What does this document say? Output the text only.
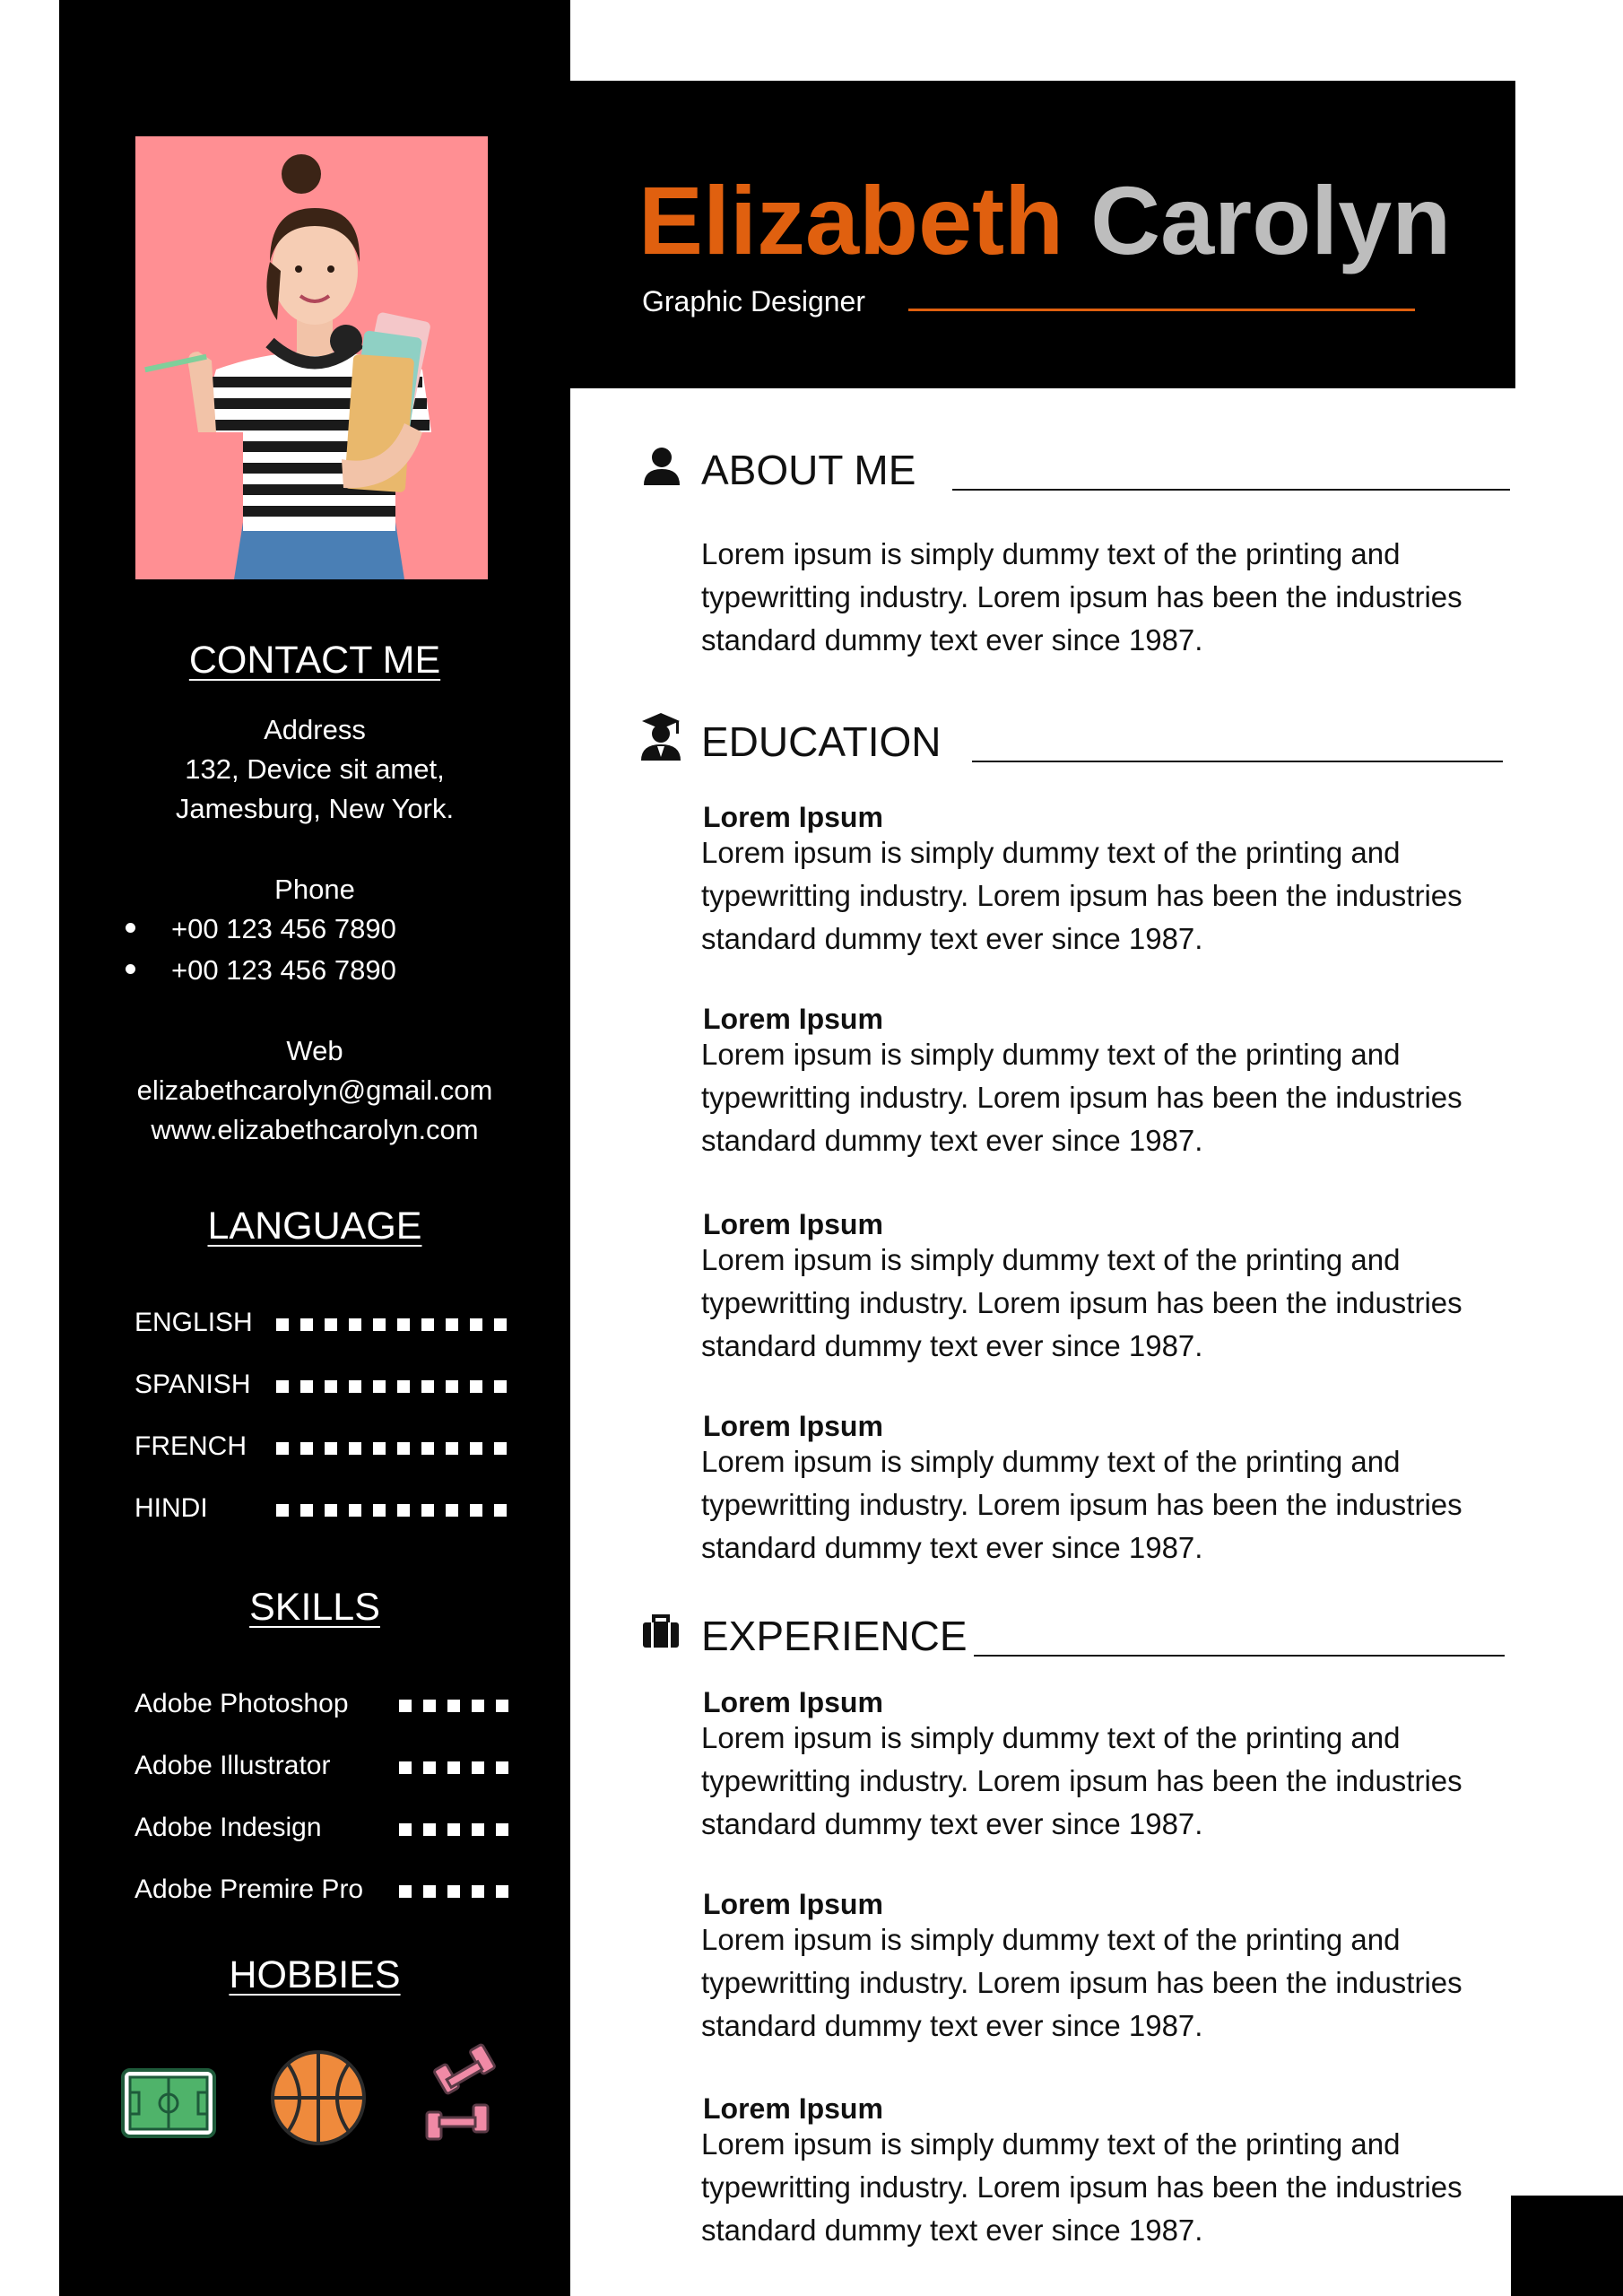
CONTACT ME
Address
132, Device sit amet,
Jamesburg, New York.
Phone
+00 123 456 7890
+00 123 456 7890
Web
elizabethcarolyn@gmail.com
www.elizabethcarolyn.com
LANGUAGE
ENGLISH
SPANISH
FRENCH
HINDI
SKILLS
Adobe Photoshop
Adobe Illustrator
Adobe Indesign
Adobe Premire Pro
HOBBIES
Elizabeth Carolyn
Graphic Designer
ABOUT ME
Lorem ipsum is simply dummy text of the printing and
typewritting industry. Lorem ipsum has been the industries
standard dummy text ever since 1987.
EDUCATION
Lorem Ipsum
Lorem ipsum is simply dummy text of the printing and
typewritting industry. Lorem ipsum has been the industries
standard dummy text ever since 1987.
Lorem Ipsum
Lorem ipsum is simply dummy text of the printing and
typewritting industry. Lorem ipsum has been the industries
standard dummy text ever since 1987.
Lorem Ipsum
Lorem ipsum is simply dummy text of the printing and
typewritting industry. Lorem ipsum has been the industries
standard dummy text ever since 1987.
Lorem Ipsum
Lorem ipsum is simply dummy text of the printing and
typewritting industry. Lorem ipsum has been the industries
standard dummy text ever since 1987.
EXPERIENCE
Lorem Ipsum
Lorem ipsum is simply dummy text of the printing and
typewritting industry. Lorem ipsum has been the industries
standard dummy text ever since 1987.
Lorem Ipsum
Lorem ipsum is simply dummy text of the printing and
typewritting industry. Lorem ipsum has been the industries
standard dummy text ever since 1987.
Lorem Ipsum
Lorem ipsum is simply dummy text of the printing and
typewritting industry. Lorem ipsum has been the industries
standard dummy text ever since 1987.
